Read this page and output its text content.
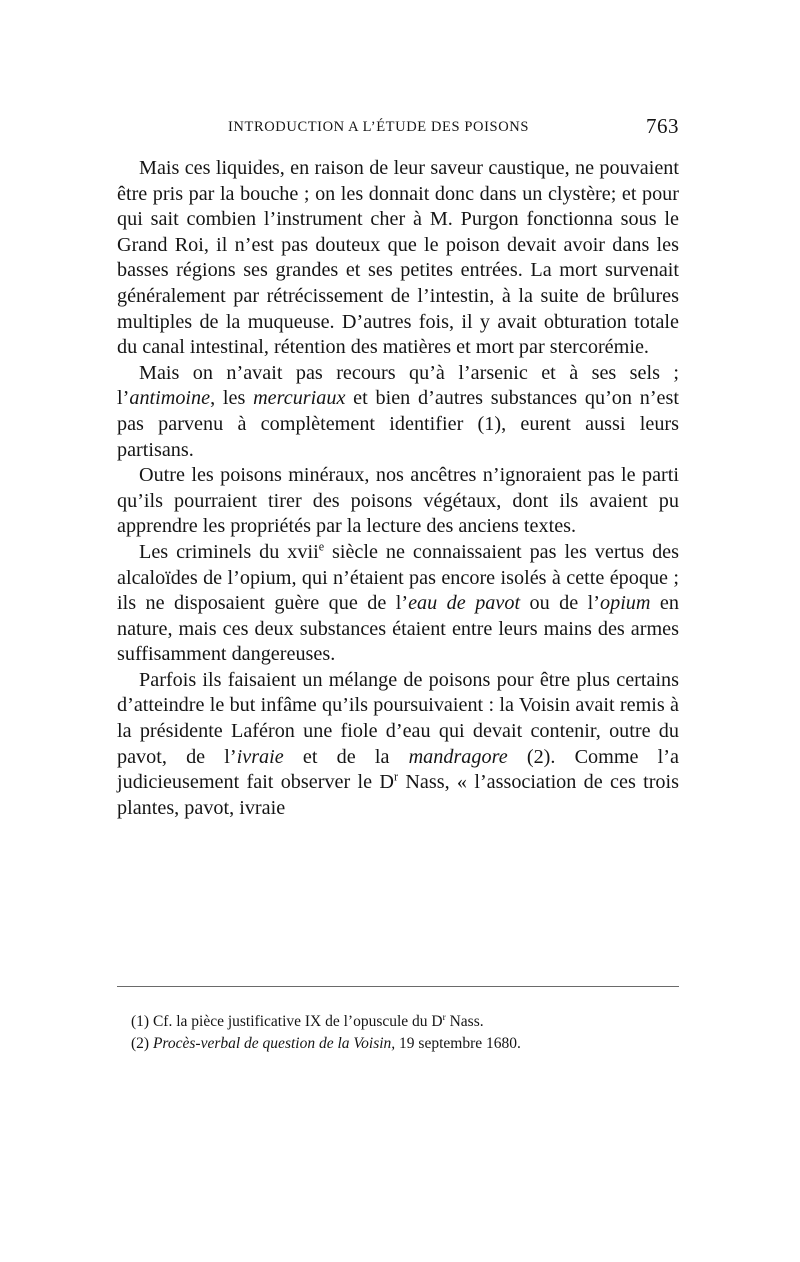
INTRODUCTION A L’ÉTUDE DES POISONS	763

Mais ces liquides, en raison de leur saveur caustique, ne pouvaient être pris par la bouche ; on les donnait donc dans un clystère; et pour qui sait combien l’instrument cher à M. Purgon fonctionna sous le Grand Roi, il n’est pas douteux que le poison devait avoir dans les basses régions ses grandes et ses petites entrées. La mort survenait généralement par rétrécissement de l’intestin, à la suite de brûlures multiples de la muqueuse. D’autres fois, il y avait obturation totale du canal intestinal, rétention des matières et mort par stercorémie.

Mais on n’avait pas recours qu’à l’arsenic et à ses sels ; l’antimoine, les mercuriaux et bien d’autres substances qu’on n’est pas parvenu à complètement identifier (1), eurent aussi leurs partisans.

Outre les poisons minéraux, nos ancêtres n’ignoraient pas le parti qu’ils pourraient tirer des poisons végétaux, dont ils avaient pu apprendre les propriétés par la lecture des anciens textes.

Les criminels du xvii$^e$ siècle ne connaissaient pas les vertus des alcaloïdes de l’opium, qui n’étaient pas encore isolés à cette époque ; ils ne disposaient guère que de l’eau de pavot ou de l’opium en nature, mais ces deux substances étaient entre leurs mains des armes suffisamment dangereuses.

Parfois ils faisaient un mélange de poisons pour être plus certains d’atteindre le but infâme qu’ils poursuivaient : la Voisin avait remis à la présidente Laféron une fiole d’eau qui devait contenir, outre du pavot, de l’ivraie et de la mandragore (2). Comme l’a judicieusement fait observer le $D^r$ Nass, « l’association de ces trois plantes, pavot, ivraie

(1) Cf. la pièce justificative IX de l’opuscule du $D^r$ Nass.
(2) Procès-verbal de question de la Voisin, 19 septembre 1680.
